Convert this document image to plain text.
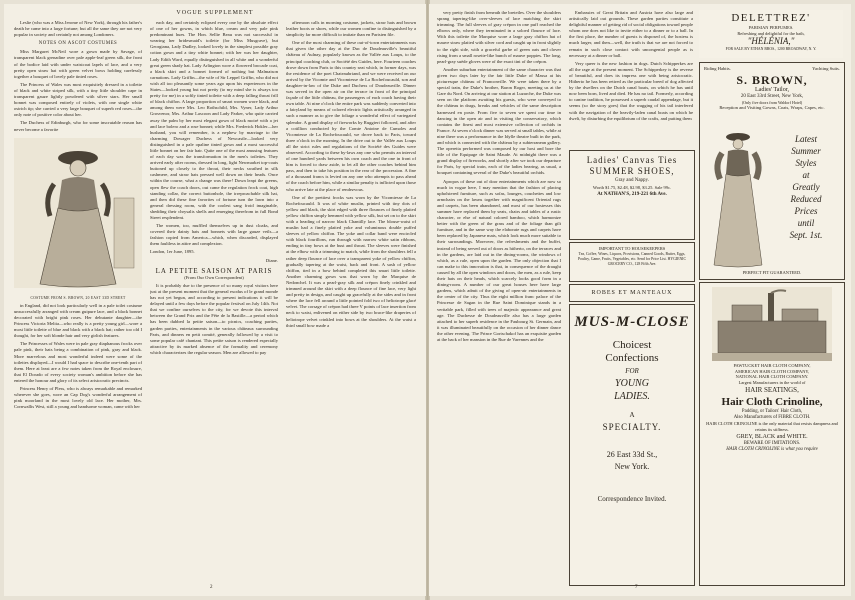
VOGUE SUPPLEMENT

Leslie (who was a Miss Jerome of New York), through his father's death he came into a large fortune; but all the same they are not very popular in society and certainly not among Londoners.

NOTES ON ASCOT COSTUMES

Miss Margaret McNeil wore a gown made by Savage, of transparent black grenadine over pale apple-leaf green silk, the front of the bodice laid with under waistcoat lapels of lace, and a very pretty open straw hat with green velvet bows holding carelessly together a bouquet of lovely pale tinted roses.

The Princess of Wales was most exquisitely dressed in a toilette of black and white striped silk, with a tiny little shoulder cape in transparent gauze lightly powdered with silver stars. Her small bonnet was composed entirely of violets, with one single white ostrich tip; she carried a very large bouquet of superb red roses—the only note of positive color about her.

The Duchess of Edinburgh, who for some inscrutable reason has never become a favorite

COSTUME FROM S. BROWN, 20 EAST 33D STREET

in England, did not look particularly well in a pale toilet costume unsuccessfully arranged with cream guipure lace, and a black bonnet decorated with bright pink roses. Her debutante daughter—the Princess Victoria Melita—who really is a pretty young girl—wore a most little toilette of blue and black with a black hat; rather too old I thought, for her soft blonde hair and very girlish features.

The Princesses of Wales were in pale gray diaphanous frocks over pale pink, their hats being a combination of pink, gray and black. More marvelous and most wonderful indeed were some of the toilettes displayed—I would I had space to describe one-tenth part of them. Here at least are a few notes taken from the Royal enclosure, that El Dorado of every society woman's ambition before she has entered the honour and glory of its select aristocratic precincts.

Princess Henry of Pless, who is always remarkable and remarked wherever she goes, wore an Cap Dog's wonderful arrangement of pink moorland in the most lovely old lace. Her mother, Mrs. Cornwallis West, still a young and handsome woman, came with her

each day, and certainly eclipsed every one by the absolute effect of one of her gowns, in which blue, cream and very pale pink predominant hues. The Hon. Sellie Beau was not successful in wearing her bridesmaid's toilette (for Miss Musgrave), but Georgiana, Lady Dudley, looked lovely in the simplest possible gray cotton gown and a tiny white bonnet; with her was her daughter, Lady Edith Ward, equally distinguished in all white and a wonderful great green shady hat. Lady Arlington wore a flowered brocade coat, a black skirt and a bonnet formed of nothing but Malmaison carnations. Lady Griffin—the wife of Sir Leppel Griffin, who did not wish all too pleasantly some years ago upon his experiences in the States—looked young but not pretty (to my mind she is always too pretty for me) in a softly tinted toilette with a deep falling throat frill of black chiffon. A large proportion of smart women wore black, and among them were Mrs. Leo Rothschild, Mrs. Vyner, Lady Arthur Grosvenor, Mrs. Arthur Lascoon and Lady Parker, who quite carried away the palm by her most elegant gown of black moiré with a jet and lace bolero and a rose bonnet; while Mrs. Frederick Hokler—her husband, you will remember, is a nephew by marriage to the charming Dowager Duchess of Newcastle—looked very distinguished in a pale opaline tinted gown and a most successful little bonnet on her fair hair. Quite one of the most amusing features of each day was the transformation in the men's toilettes. They arrived early after rooms, dressed in long, light Newmarket top-coats buttoned up closely to the throat, their necks swathed in silk cashmere, and straw hats pressed well down on their heads. Once within the course, what a change was there! Down leapt the greens, open flew the coach doors, out came the regulation frock coat, high standing collar, the correct buttonhole, the irreproachable silk hat, and then did these fine favorites of fortune turn the lawn into a general dressing room, with the coolest sang froid imaginable, shedding their chrysalis shells and emerging therefrom in full Bond Street resplendent.

The women, too, muffled themselves up in dust cloaks, and covered their dainty hats and bonnets with large gauze veils—a fashion copied from America—which, when discarded, displayed them faultless in attire and complexion.

London, 1er June, 1895.
Diane.
LA PETITE SAISON AT PARIS
(From Our Own Correspondent)

It is probably due to the presence of so many royal visitors here just at the present moment that the general exodus of le grand monde has not yet begun, and according to present indications it will be delayed until a few days before the popular festival on July 14th. Not that we confine ourselves to the city, for we devote this interval between the Grand Prix and the Fête de la Bastille—a period which has been dubbed la petite saison—to picnics, coaching parties, garden parties, entertainments in the various châteaux surrounding Paris, and dinners en petit comité, generally followed by a visit to some popular café chantant. This petite saison is rendered especially attractive by its marked absence of the formality and ceremony which characterizes the regular season. Men are allowed to pay

afternoon calls in morning costume, jackets, straw hats and brown leather boots or shoes, while our women confine to distinguished by a simplicity far more difficult to imitate than en Parisien file.

One of the most charming of these out-of-town entertainments was that given the other day at the Duc de Doudeauville's beautiful château of Aulnay, popularly known as the Vallée aux Loups, to the principal coaching club, or Société des Guides, here. Fourteen coaches drove down from Paris to this country seat which, in former days, was the residence of the poet Chateaubriand, and we were received on our arrival by the Vicomte and Vicomtesse de La Rochefoucauld, son and daughter-in-law of the Duke and Duchess of Doudeauville. Dinner was served in the open air on the terrace in front of the principal façade of the little château, the passengers of each coach having their own table. At nine o'clock the entire park was suddenly converted into a fairyland by means of colored electric lights artistically arranged in such a manner as to give the foliage a wonderful effect of variegated splendor. A grand display of fireworks by Ruggieri followed, and after a cotillion conducted by the Comte Antoine de Cumoles and Vicomtesse de La Rochefoucauld, we drove back to Paris, toward three o'clock in the morning. In the drive out to the Vallée aux Loups all the strict rules and regulations of the Société des Guides were observed. According to these by-laws any one who permits an interval of one hundred yards between his own coach and the one in front of him is forced to draw aside, to let all the other coaches behind him pass, and then to take his position in the rear of the procession. A fine of a thousand francs is levied on any one who attempts to pass ahead of the coach before him, while a similar penalty is inflicted upon those who arrive late at the place of rendezvous.

One of the prettiest frocks was worn by the Vicomtesse de La Rochefoucauld. It was of white muslin, printed with tiny dots of yellow and black, the skirt edged with three flounces of finely plaited yellow chiffon simply hemmed with yellow silk, but set on to the skirt with a heading of narrow black Chantilly lace. The blouse-waist of muslin had a finely plaited yoke and voluminous double puffed sleeves of yellow chiffon. The yoke and collar band were encircled with black fourillons, run through with narrow white satin ribbons, ending in tiny bows at the bust and throat. The sleeves were finished at the elbow with a trimming to match, while from the shoulders fell a rather deep flounce of lace over a transparent yoke of yellow chiffon, gradually tapering at the waist, back and front. A sash of yellow chiffon, tied in a bow behind completed this smart little toilette. Another charming gown was that worn by the Marquise de Nedonchel. It was a pearl-gray silk and crépon finely crinkled and trimmed around the skirt with a deep flounce of fine lace, very light and pretty in design, and caught up gracefully at the sides and in front where the lace fell around a little pointed fold two of heliotrope glacé velvet. The corsage of crépon had three V points of lace insertion from neck to waist, enlivened on either side by two brace-like draperies of heliotrope velvet crinkled into bows at the shoulders. At the waist a third small bow made a

2

very pretty finish from beneath the breteiles. Over the shoulders sprang tapering-like over-sleeves of lace matching the skirt trimming. The full sleeves of gray crépon in one puff reached the elbows only, where they terminated in a soloed flounce of lace. With this toilette the Marquise wore a large gray chiffon hat of mauve straw plaited with silver cord and caught up in front slightly to the right side, with a graceful garbe of green oats and clover rising from a small rosette-like bunch of mauve poppies. The long, pearl-gray suède gloves were of the exact tint of the crépon.

Another suburban entertainment of the same character was that given two days later by the fair little Duke of Massa at his picturesque château of Franconville. We were taken there by a special train, the Duke's brother, Baron Roger, meeting us at the Gare du Nord. On arriving at our station at Luzarche, the Duke was seen on the platform awaiting his guests, who were conveyed to the château in drags, breaks and vehicles of the same description harnessed en poste. From five to seven we spent our time in dancing in the open air and in visiting the conservatory, which contains the finest and most extensive collection of orchids in France. At seven o'clock dinner was served at small tables, while at nine there was a performance in the Idylle theatre built in the park, and which is connected with the château by a subterranean gallery. The operetta performed was composed by our host and bore the title of the Equipage de Saint Maude. At midnight there was a grand display of fireworks, and shortly after we took our departure for Paris, by special train, each of the ladies bearing, as usual, a bouquet containing several of the Duke's beautiful orchids.

Apropos of these out of door entertainments which are now so much in vogue here, I may mention that the fashion of placing upholstered furniture, such as sofas, lounges, couchettes and low armchairs on the lawns together with magnificent Oriental rugs and carpets, has been abandoned, and most of our hostesses this summer have replaced them by seats, chairs and tables of a rustic character, or else of natural colored bamboo, which harmonize better with the green of the grass and of the foliage than gilt furniture, and in the same way the elaborate rugs and carpets have been replaced by Japanese mats, which look much more suitable to their surroundings. Moreover, the refreshments and the buffet, instead of being served out of doors as hitherto, on the terraces and in the gardens, are laid out in the dining-rooms, the windows of which, as a rule, open upon the garden. The only objection that I can make to this innovation is that, in consequence of the draught caused by all the open windows and doors, the men, as a rule, keep their hats on their heads, which scarcely looks good form in a dining-room. A number of our great houses here have large gardens, which admit of the giving of open-air entertainments in the center of the city. Thus the eight million franc palace of the Princesse de Sagan in the Rue Saint Dominique stands in a veritable park, filled with trees of majestic appearance and great age. The Duchesse de Doudeauville also has a large garden attached to her superb residence in the Faubourg St. Germain, and it was illuminated beautifully on the occasion of her dinner dance the other evening. The Prince Gortschakof has an exquisite garden at the back of her mansion in the Rue de Varennes and the

Embassies of Great Britain and Austria have also large and artistically laid out grounds. These garden parties constitute a delightful manner of getting rid of social obligations toward people whom one does not like to invite either to a dinner or to a ball. In the first place, the number of guests is disposed of, the hostess is much larger, and then—well, the truth is that we are not forced to remain in such close contact with uncongenial people as is necessary at a dinner or ball.

Very queer is the new fashion in dogs. Dutch Schipperkes are all the rage at the present moment. The Schipperkey is the reverse of beautiful, and does its impress one with being aristocratic. Hitherto he has been retired as the particular breed of dog affected by the dwellers on the Dutch canal boats, on which he has until now been born, lived and died. He has no tail. Formerly, according to canine tradition, he possessed a superb caudal appendage, but it seems (so the story goes) that the wagging of his tail interfered with the navigation of the heavily-laden canal boats on which he dwelt, by disturbing the equilibrium of the crafts, and putting them

Ladies' Canvas Ties
SUMMER SHOES,
Gray and Nappy.
Worth $1.75, $2.48, $2.98, $3.25. Sale 99c.
At NATHAN'S, 219-221 6th Ave.
IMPORTANT TO HOUSEKEEPERS
Tea, Coffee, Wines, Liquors, Provisions, Canned Goods, Butter, Eggs, Poultry, Game, Fruits, Vegetables, etc. Send for Price List. HYGIENIC GROCERY CO., 128 Fifth Ave.
ROBES ET MANTEAUX
MUS-M-CLOSE
Choicest
Confections
FOR
YOUNG
LADIES.
A
SPECIALTY.
26 East 33d St.,
New York.
Correspondence Invited.
DELETTREZ'
PARISIAN PERFUMES.
Refreshing and delightful for the bath,
"HÉLÉNIA,"
FOR SALE BY ETHAN BROS., 1200 BROADWAY, N. Y.
Riding Habits.	Yachting Suits.
S. BROWN,
Ladies' Tailor,
20 East 33rd Street, New York,
(Only five doors from Waldorf Hotel)
Reception and Visiting Gowns, Coats, Wraps, Capes, etc.
Latest
Summer
Styles
at
Greatly
Reduced
Prices
until
Sept. 1st.
PERFECT FIT GUARANTEED.
PAWTUCKET HAIR CLOTH COMPANY,
AMERICAN HAIR CLOTH COMPANY,
NATIONAL HAIR CLOTH COMPANY.
Largest Manufacturers in the world of
HAIR SEATINGS,
Hair Cloth Crinoline,
Padding, or Tailors' Hair Cloth,
Also Manufacturers of FIBRE CLOTH.
HAIR CLOTH CRINOLINE is the only material that resists dampness and retains its stiffness.
GREY, BLACK and WHITE.
BEWARE OF IMITATIONS.
HAIR CLOTH CRINOLINE is what you require
7
